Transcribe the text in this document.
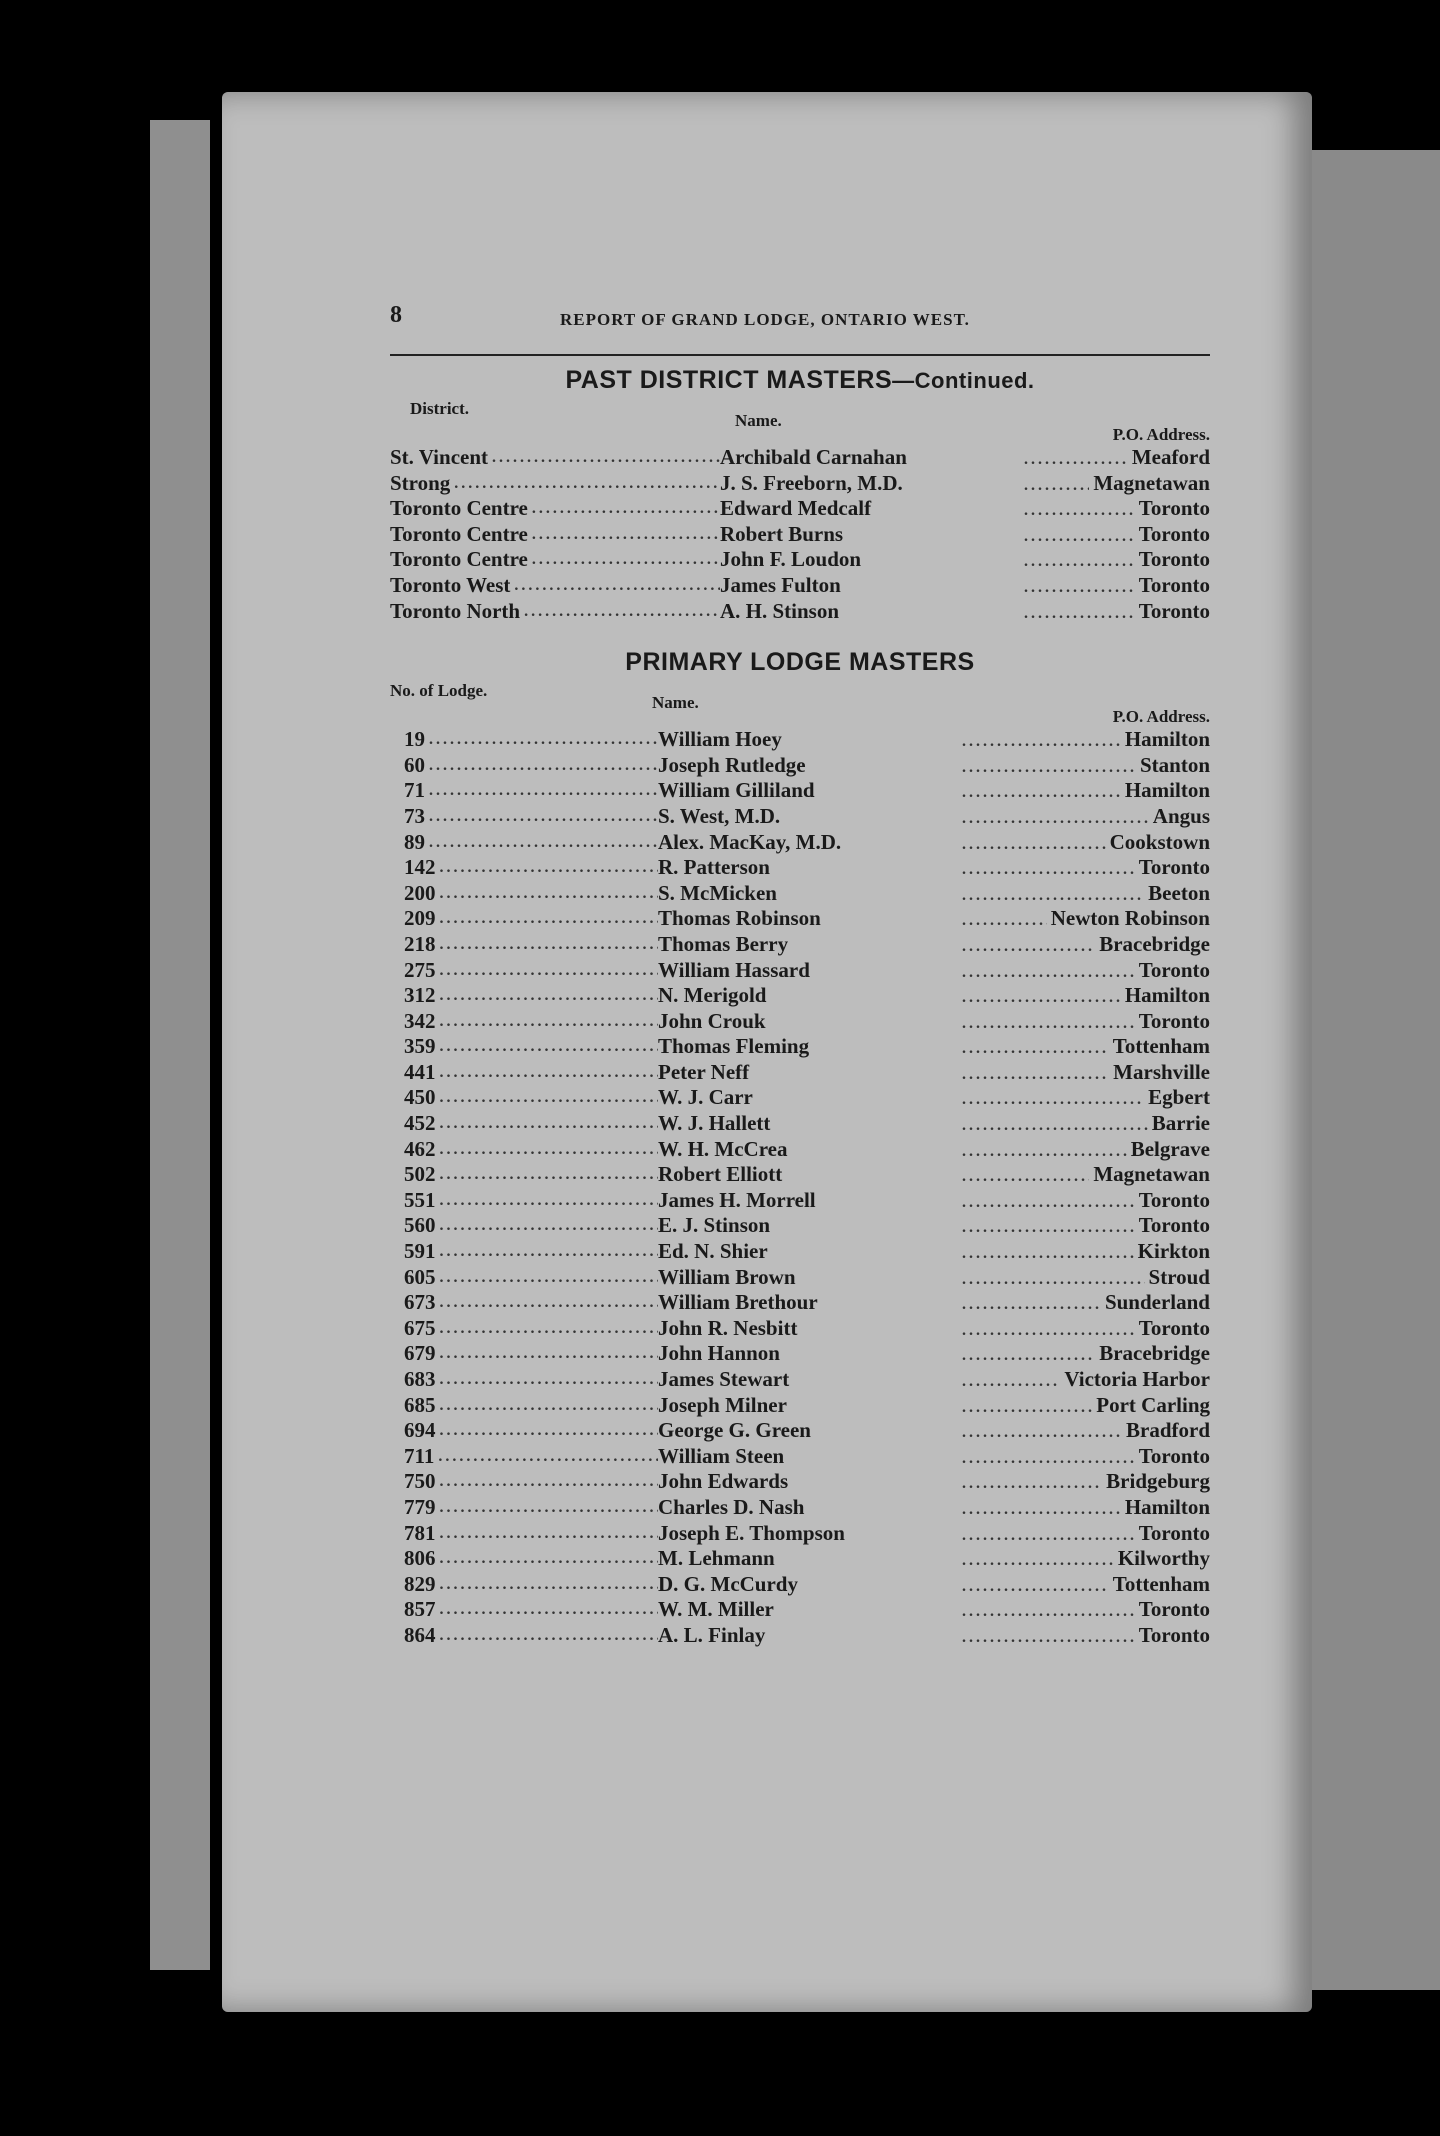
8	REPORT OF GRAND LODGE, ONTARIO WEST.
PAST DISTRICT MASTERS—Continued.
District.
Name.
P.O. Address.
St. Vincent .....	Archibald Carnahan .....	Meaford
Strong .....	J. S. Freeborn, M.D. .....	Magnetawan
Toronto Centre .....	Edward Medcalf .....	Toronto
Toronto Centre .....	Robert Burns .....	Toronto
Toronto Centre .....	John F. Loudon .....	Toronto
Toronto West .....	James Fulton .....	Toronto
Toronto North .....	A. H. Stinson .....	Toronto
PRIMARY LODGE MASTERS
No. of Lodge.
Name.
P.O. Address.
19 .....	William Hoey .....	Hamilton
60 .....	Joseph Rutledge .....	Stanton
71 .....	William Gilliland .....	Hamilton
73 .....	S. West, M.D. .....	Angus
89 .....	Alex. MacKay, M.D. .....	Cookstown
142 .....	R. Patterson .....	Toronto
200 .....	S. McMicken .....	Beeton
209 .....	Thomas Robinson .....	Newton Robinson
218 .....	Thomas Berry .....	Bracebridge
275 .....	William Hassard .....	Toronto
312 .....	N. Merigold .....	Hamilton
342 .....	John Crouk .....	Toronto
359 .....	Thomas Fleming .....	Tottenham
441 .....	Peter Neff .....	Marshville
450 .....	W. J. Carr .....	Egbert
452 .....	W. J. Hallett .....	Barrie
462 .....	W. H. McCrea .....	Belgrave
502 .....	Robert Elliott .....	Magnetawan
551 .....	James H. Morrell .....	Toronto
560 .....	E. J. Stinson .....	Toronto
591 .....	Ed. N. Shier .....	Kirkton
605 .....	William Brown .....	Stroud
673 .....	William Brethour .....	Sunderland
675 .....	John R. Nesbitt .....	Toronto
679 .....	John Hannon .....	Bracebridge
683 .....	James Stewart .....	Victoria Harbor
685 .....	Joseph Milner .....	Port Carling
694 .....	George G. Green .....	Bradford
711 .....	William Steen .....	Toronto
750 .....	John Edwards .....	Bridgeburg
779 .....	Charles D. Nash .....	Hamilton
781 .....	Joseph E. Thompson .....	Toronto
806 .....	M. Lehmann .....	Kilworthy
829 .....	D. G. McCurdy .....	Tottenham
857 .....	W. M. Miller .....	Toronto
864 .....	A. L. Finlay .....	Toronto
